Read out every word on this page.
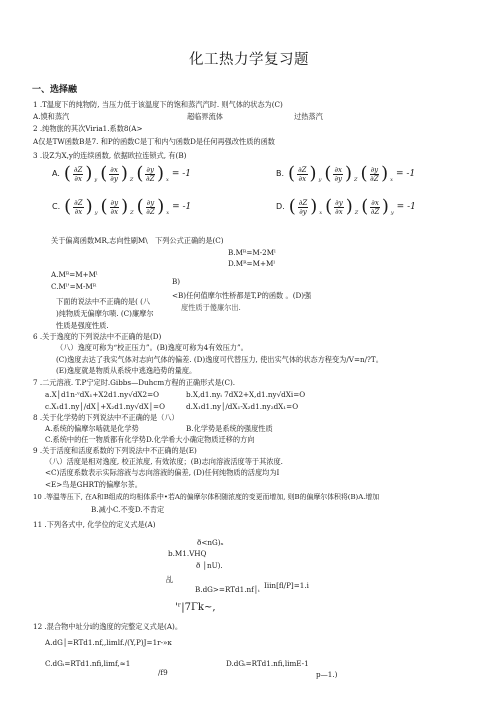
化工热力学复习题
一、选择融
1 .T温度下的纯物防, 当压力低于该温度下的饱和蒸汽汽时. 则气体的状态为(C)
A.馍和蒸汽	超临界流体	过热蒸汽
2 .纯物旅的其次Viria1.系数8(A>
A仅是TW函数B是7. 和P的函数C是丁和内勺函数D是任何再强改性质的函数
3 .设Z为X,y的连续函数, 依据欧拉连锁式, 有(B)
A. ( $\frac{\partial Z}{\partial x}$ ) y ( $\frac{\partial x}{\partial y}$ ) Z ( $\frac{\partial y}{\partial Z}$ ) x
= -1	B. ( $\frac{\partial Z}{\partial x}$ ) y ( $\frac{\partial x}{\partial y}$ ) Z ( $\frac{\partial y}{\partial Z}$ ) x
= -1
C. ( $\frac{\partial Z}{\partial x}$ ) y ( $\frac{\partial y}{\partial x}$ ) Z ( $\frac{\partial y}{\partial Z}$ ) x
= -1	D. ( $\frac{\partial Z}{\partial y}$ ) x ( $\frac{\partial y}{\partial x}$ ) Z ( $\frac{\partial x}{\partial Z}$ ) y
= -1
关于偏离函数MR,志向性刷M\ 下列公式正确的是(C)
B.Mᴿ=M-2Mˡ
D.Mᴿ=M+Mˡ
A.Mᴿ=M+Mˡ
C.Mˡ'=M-Mᴿ
B)
下面的说法中不正确的是( (八
<B)任何值摩尔性桥都是T,P的函数 。(D)强
度性质于傻廉尔出.
)纯物质无偏摩尔啧. (C)廉摩尔
性质是强度性质.
6 .关于逸度的下列说法中不正确的是(D)
（八）逸度可称为“校正压力”。(B)逸度可称为4有效压力”。
(C)逸度去达了我实气体对志向气体的偏差. (D)逸度可代替压力, 使出实气体的状态方程变为/V=n/?T。
(E)逸度就是物质从系统中逃逸趋势的量度。
7 .二元溶液. T.P宁定时.Gibbs—Duhcm方程的正确形式是(C).
a.X│d1n·ᵛdX₁+X2d1.ny√dX2=O	b.X,d1.nyᵢ 7dX2+X,d1.ny√dXi=O
c.X₁d1.ny│/dX│+X₂d1.ny√dX│=O	d.X₁d1.ny│/dX₁-X₂d1.ny₂dX₁=O
8 .关于化学势的下列说法中不正确的是（八）
A.系统的偏摩尔啮就是化学势	B.化学势是系统的强度性质
C.系统中的任一物质都有化学势D.化学希大小确定物质迁移的方向
9 .关于活度和活度系数的下列说法中不正确的是(E)
（八）活度是相对逸度, 校正浓度, 有效浓度；(B)志向溶液活度等于其浓度.
<C)活度系数表示实际溶液与志向溶液的偏差, (D)任何纯物质的活度均为I
<E>鸟是GHRT的偏摩尔茶。
10 .等温等压下, 在A和B组成的均相体系中•若A的偏摩尔体积随浓度的变更而增加, 则B的偏摩尔体积将(B)A.增加
B.减小C.不变D.不肯定
11 .下列各式中, 化学位的定义式是(A)
ð<nG)ₓ
b.M1.VHQ
ð │nU).
B.dG>=RTd1.nf│ᵢ Iiin[fl/P]=1.i
乩
'ʳ|7Γk~,
12 .混合物中址分i的逸度的完整定义式是(A)。
A.dG│=RTd1.nf,,limlf./(Y,P)J=1r-»κ
C.dGᵢ=RTd1.nfi,limf,≈1
/f9
D.dGᵢ=RTd1.nfi,limE-1
p—1.)
